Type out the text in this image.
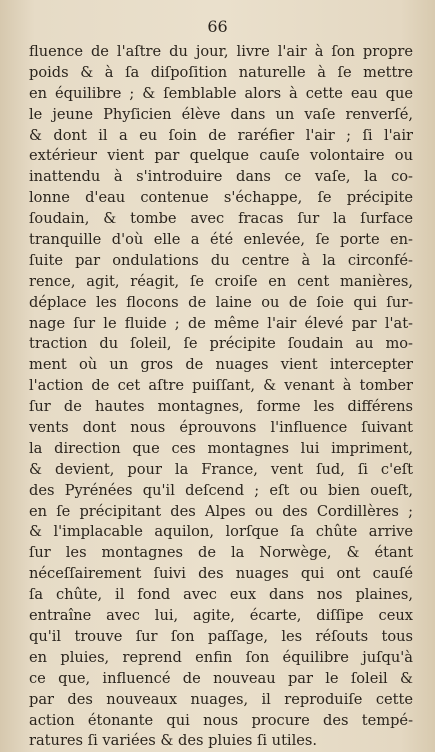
66
fluence de l'aſtre du jour, livre l'air à ſon propre
poids & à ſa diſpoſition naturelle à ſe mettre
en équilibre ; & ſemblable alors à cette eau que
le jeune Phyſicien élève dans un vaſe renverſé,
& dont il a eu ſoin de raréfier l'air ; ſi l'air
extérieur vient par quelque cauſe volontaire ou
inattendu à s'introduire dans ce vaſe, la co-
lonne d'eau contenue s'échappe, ſe précipite
ſoudain, & tombe avec fracas ſur la ſurface
tranquille d'où elle a été enlevée, ſe porte en-
ſuite par ondulations du centre à la circonfé-
rence, agit, réagit, ſe croiſe en cent manières,
déplace les flocons de laine ou de ſoie qui ſur-
nage ſur le fluide ; de même l'air élevé par l'at-
traction du ſoleil, ſe précipite ſoudain au mo-
ment où un gros de nuages vient intercepter
l'action de cet aſtre puiſſant, & venant à tomber
ſur de hautes montagnes, forme les différens
vents dont nous éprouvons l'influence ſuivant
la direction que ces montagnes lui impriment,
& devient, pour la France, vent ſud, ſi c'eſt
des Pyrénées qu'il deſcend ; eſt ou bien oueſt,
en ſe précipitant des Alpes ou des Cordillères ;
& l'implacable aquilon, lorſque ſa chûte arrive
ſur les montagnes de la Norwège, & étant
néceſſairement ſuivi des nuages qui ont cauſé
ſa chûte, il fond avec eux dans nos plaines,
entraîne avec lui, agite, écarte, diſſipe ceux
qu'il trouve ſur ſon paſſage, les réſouts tous
en pluies, reprend enfin ſon équilibre juſqu'à
ce que, influencé de nouveau par le ſoleil &
par des nouveaux nuages, il reproduiſe cette
action étonante qui nous procure des tempé-
ratures ſi variées & des pluies ſi utiles.
